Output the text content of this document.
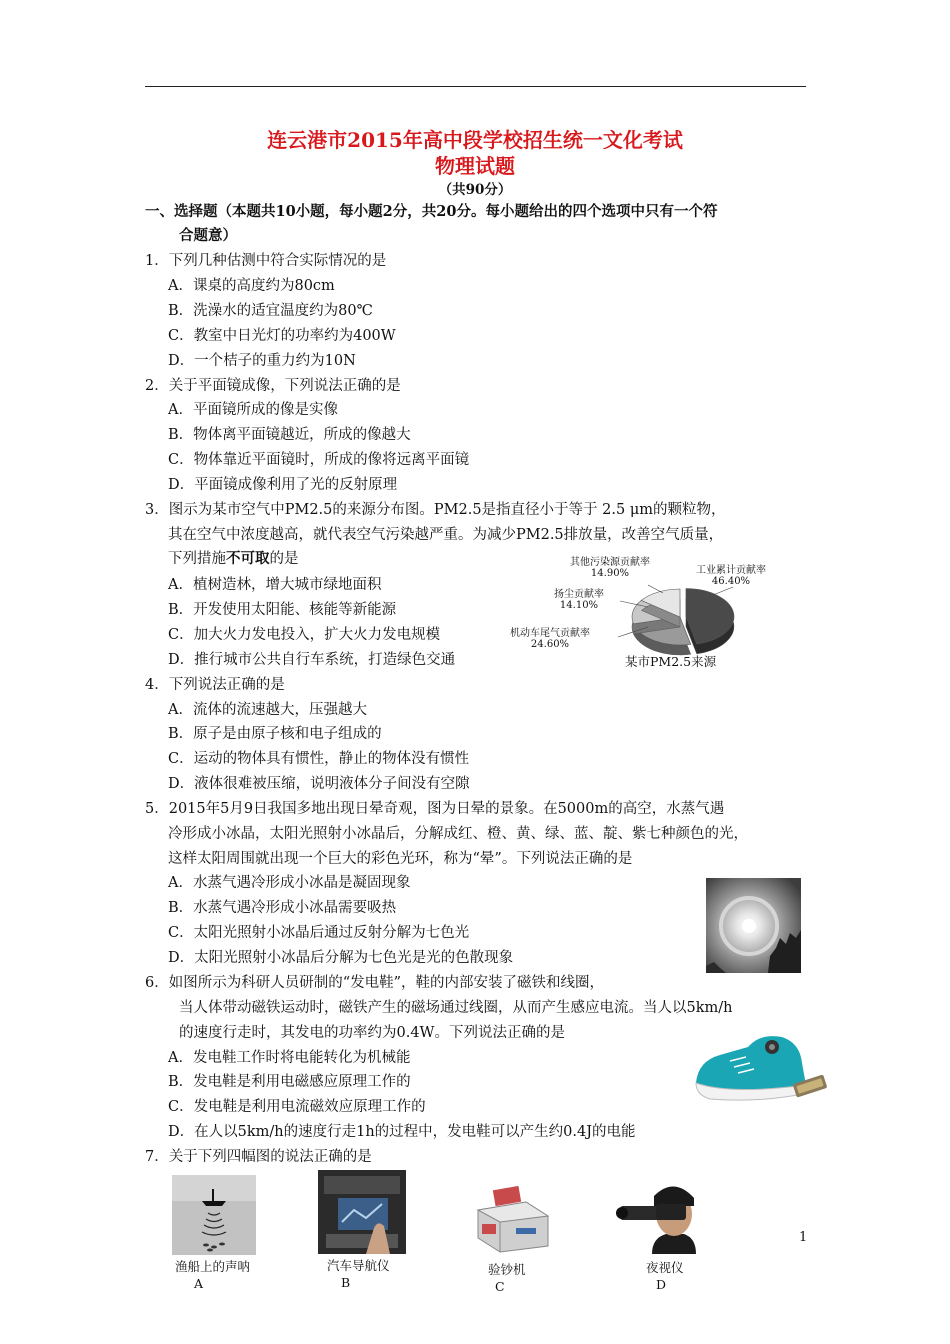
连云港市2015年高中段学校招生统一文化考试
物理试题
（共90分）
一、选择题（本题共10小题，每小题2分，共20分。每小题给出的四个选项中只有一个符
合题意）
1．下列几种估测中符合实际情况的是
A．课桌的高度约为80cm
B．洗澡水的适宜温度约为80℃
C．教室中日光灯的功率约为400W
D．一个桔子的重力约为10N
2．关于平面镜成像，下列说法正确的是
A．平面镜所成的像是实像
B．物体离平面镜越近，所成的像越大
C．物体靠近平面镜时，所成的像将远离平面镜
D．平面镜成像利用了光的反射原理
3．图示为某市空气中PM2.5的来源分布图。PM2.5是指直径小于等于 2.5 μm的颗粒物，
其在空气中浓度越高，就代表空气污染越严重。为减少PM2.5排放量，改善空气质量，
下列措施不可取的是
A．植树造林，增大城市绿地面积
B．开发使用太阳能、核能等新能源
C．加大火力发电投入，扩大火力发电规模
D．推行城市公共自行车系统，打造绿色交通
其他污染源贡献率
14.90%	工业累计贡献率
46.40%
扬尘贡献率
14.10%
机动车尾气贡献率
24.60%
某市PM2.5来源
4．下列说法正确的是
A．流体的流速越大，压强越大
B．原子是由原子核和电子组成的
C．运动的物体具有惯性，静止的物体没有惯性
D．液体很难被压缩，说明液体分子间没有空隙
5．2015年5月9日我国多地出现日晕奇观，图为日晕的景象。在5000m的高空，水蒸气遇
冷形成小冰晶，太阳光照射小冰晶后，分解成红、橙、黄、绿、蓝、靛、紫七种颜色的光，
这样太阳周围就出现一个巨大的彩色光环，称为“晕”。下列说法正确的是
A．水蒸气遇冷形成小冰晶是凝固现象
B．水蒸气遇冷形成小冰晶需要吸热
C．太阳光照射小冰晶后通过反射分解为七色光
D．太阳光照射小冰晶后分解为七色光是光的色散现象
6．如图所示为科研人员研制的“发电鞋”，鞋的内部安装了磁铁和线圈，
当人体带动磁铁运动时，磁铁产生的磁场通过线圈，从而产生感应电流。当人以5km/h
的速度行走时，其发电的功率约为0.4W。下列说法正确的是
A．发电鞋工作时将电能转化为机械能
B．发电鞋是利用电磁感应原理工作的
C．发电鞋是利用电流磁效应原理工作的
D．在人以5km/h的速度行走1h的过程中，发电鞋可以产生约0.4J的电能
7．关于下列四幅图的说法正确的是
渔船上的声呐
A
汽车导航仪
B
验钞机
C
夜视仪
D
1
